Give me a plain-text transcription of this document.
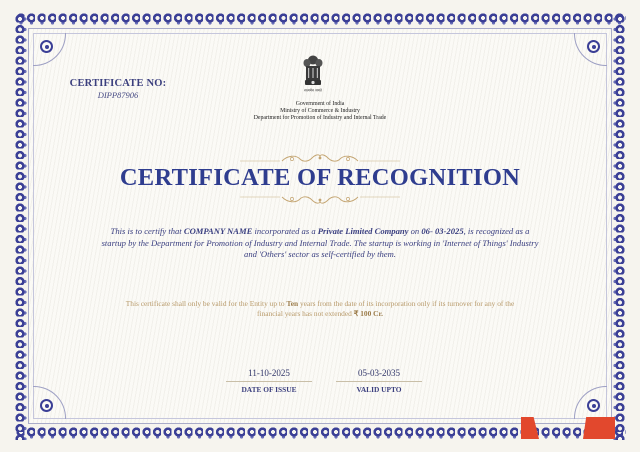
CERTIFICATE NO:
DIPP87906	सत्यमेव जयते
Government of India
Ministry of Commerce & Industry
Department for Promotion of Industry and Internal Trade
CERTIFICATE OF RECOGNITION
This is to certify that COMPANY NAME incorporated as a Private Limited Company on 06- 03-2025, is recognized as a startup by the Department for Promotion of Industry and Internal Trade. The startup is working in 'Internet of Things' Industry and 'Others' sector as self-certified by them.
This certificate shall only be valid for the Entity up to Ten years from the date of its incorporation only if its turnover for any of the financial years has not extended ₹ 100 Cr.
11-10-2025
DATE OF ISSUE
05-03-2035
VALID UPTO
